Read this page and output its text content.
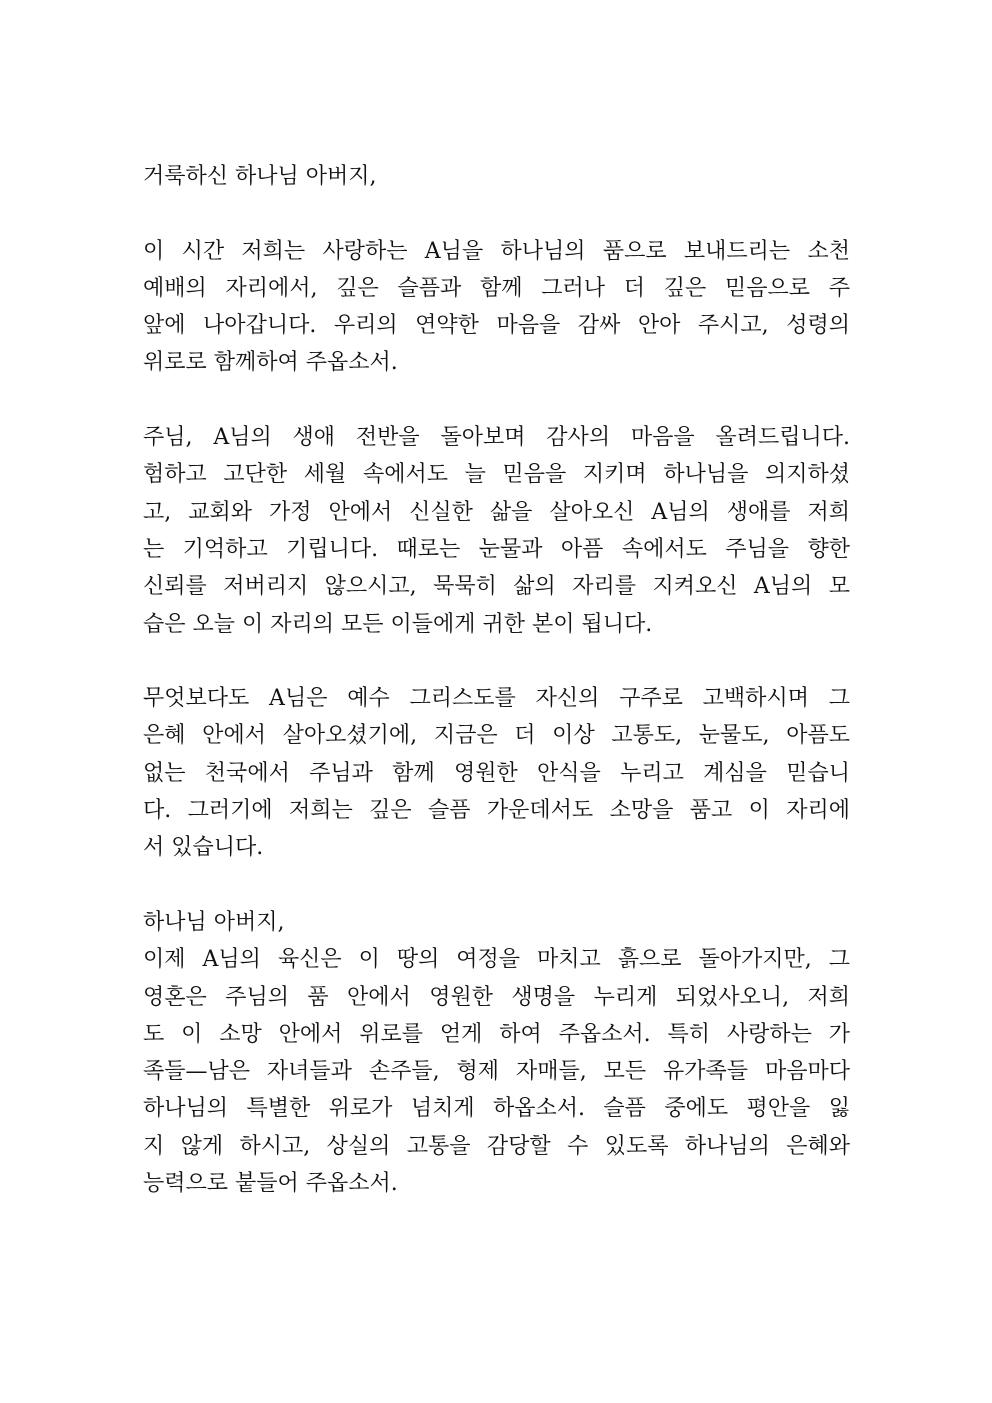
거룩하신 하나님 아버지,
이 시간 저희는 사랑하는 A님을 하나님의 품으로 보내드리는 소천
예배의 자리에서, 깊은 슬픔과 함께 그러나 더 깊은 믿음으로 주
앞에 나아갑니다. 우리의 연약한 마음을 감싸 안아 주시고, 성령의
위로로 함께하여 주옵소서.
주님, A님의 생애 전반을 돌아보며 감사의 마음을 올려드립니다.
험하고 고단한 세월 속에서도 늘 믿음을 지키며 하나님을 의지하셨
고, 교회와 가정 안에서 신실한 삶을 살아오신 A님의 생애를 저희
는 기억하고 기립니다. 때로는 눈물과 아픔 속에서도 주님을 향한
신뢰를 저버리지 않으시고, 묵묵히 삶의 자리를 지켜오신 A님의 모
습은 오늘 이 자리의 모든 이들에게 귀한 본이 됩니다.
무엇보다도 A님은 예수 그리스도를 자신의 구주로 고백하시며 그
은혜 안에서 살아오셨기에, 지금은 더 이상 고통도, 눈물도, 아픔도
없는 천국에서 주님과 함께 영원한 안식을 누리고 계심을 믿습니
다. 그러기에 저희는 깊은 슬픔 가운데서도 소망을 품고 이 자리에
서 있습니다.
하나님 아버지,
이제 A님의 육신은 이 땅의 여정을 마치고 흙으로 돌아가지만, 그
영혼은 주님의 품 안에서 영원한 생명을 누리게 되었사오니, 저희
도 이 소망 안에서 위로를 얻게 하여 주옵소서. 특히 사랑하는 가
족들—남은 자녀들과 손주들, 형제 자매들, 모든 유가족들 마음마다
하나님의 특별한 위로가 넘치게 하옵소서. 슬픔 중에도 평안을 잃
지 않게 하시고, 상실의 고통을 감당할 수 있도록 하나님의 은혜와
능력으로 붙들어 주옵소서.
